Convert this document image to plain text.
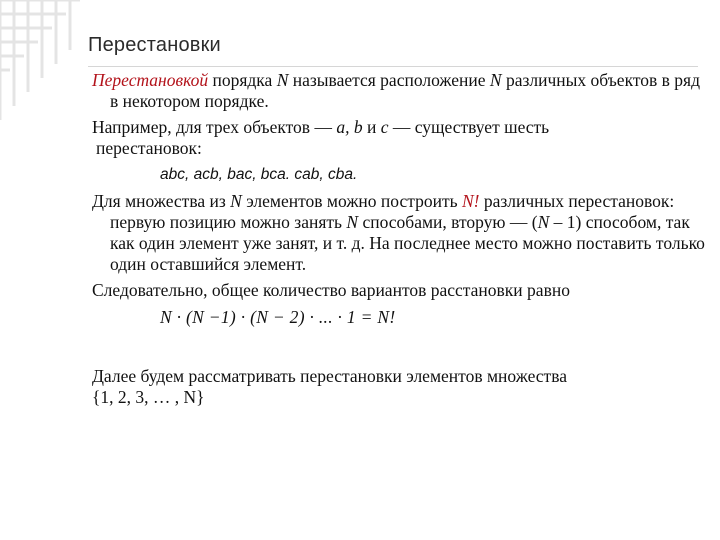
Перестановки

Перестановкой порядка N называется расположение N различных объектов в ряд в некотором порядке.

Например, для трех объектов — a, b и c — существует шесть

перестановок:

abc, acb, bac, bca. cab, cba.

Для множества из N элементов можно построить N! различных перестановок: первую позицию можно занять N способами, вторую — (N – 1) способом, так как один элемент уже занят, и т. д. На последнее место можно поставить только один оставшийся элемент.

Следовательно, общее количество вариантов расстановки равно

N · (N −1) · (N − 2) · ... · 1 = N!

Далее будем рассматривать перестановки элементов множества

{1, 2, 3, … , N}
